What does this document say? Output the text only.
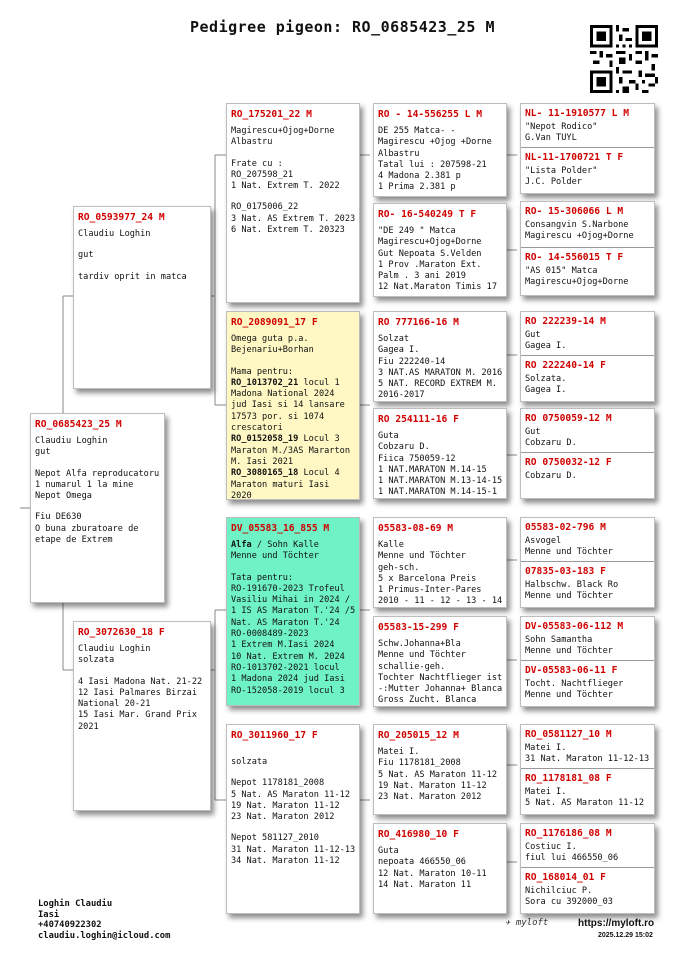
Pedigree pigeon: RO_0685423_25 M
RO_0685423_25 M
Claudiu Loghin
gut
Nepot Alfa reproducatoru
1 numarul 1 la mine
Nepot Omega
Fiu DE630
O buna zburatoare de
etape de Extrem
RO_0593977_24 M
Claudiu Loghin
gut
tardiv oprit in matca
RO_3072630_18 F
Claudiu Loghin
solzata
4 Iasi Madona Nat. 21-22
12 Iasi Palmares Birzai
National 20-21
15 Iasi Mar. Grand Prix
2021
RO_175201_22 M
Magirescu+Ojog+Dorne
Albastru
Frate cu :
RO_207598_21
1 Nat. Extrem T. 2022
RO_0175006_22
3 Nat. AS Extrem T. 2023
6 Nat. Extrem T. 20323
RO_2089091_17 F
Omega guta p.a.
Bejenariu+Borhan
Mama pentru:
RO_1013702_21 locul 1 Madona National 2024 jud Iasi si 14 lansare 17573 por. si 1074 crescatori
RO_0152058_19 Locul 3 Maraton M./3AS Mararton M. Iasi 2021
RO_3080165_18 Locul 4 Maraton maturi Iasi 2020
DV_05583_16_855 M
Alfa / Sohn Kalle
Menne und Töchter
Tata pentru:
RO-191670-2023 Trofeul
Vasiliu Mihai in 2024 /
1 IS AS Maraton T.'24 /5
Nat. AS Maraton T.'24
RO-0008489-2023
1 Extrem M.Iasi 2024
10 Nat. Extrem M. 2024
RO-1013702-2021 locul
1 Madona 2024 jud Iasi
RO-152058-2019 locul 3
RO_3011960_17 F
solzata
Nepot 1178181_2008
5 Nat. AS Maraton 11-12
19 Nat. Maraton 11-12
23 Nat. Maraton 2012
Nepot 581127_2010
31 Nat. Maraton 11-12-13
34 Nat. Maraton 11-12
RO - 14-556255 L M
DE 255 Matca- -
Magirescu +Ojog +Dorne
Albastru
Tatal lui : 207598-21
4 Madona 2.381 p
1 Prima 2.381 p
RO- 16-540249 T F
"DE 249 " Matca
Magirescu+Ojog+Dorne
Gut Nepoata S.Velden
1 Prov .Maraton Ext.
Palm . 3 ani 2019
12 Nat.Maraton Timis 17
RO 777166-16 M
Solzat
Gagea I.
Fiu 222240-14
3 NAT.AS MARATON M. 2016
5 NAT. RECORD EXTREM M.
2016-2017
RO 254111-16 F
Guta
Cobzaru D.
Fiica 750059-12
1 NAT.MARATON M.14-15
1 NAT.MARATON M.13-14-15
1 NAT.MARATON M.14-15-1
05583-08-69 M
Kalle
Menne und Töchter
geh-sch.
5 x Barcelona Preis
1 Primus-Inter-Pares
2010 - 11 - 12 - 13 - 14
05583-15-299 F
Schw.Johanna+Bla
Menne und Töchter
schallie-geh.
Tochter Nachtflieger ist
-:Mutter Johanna+ Blanca
Gross Zucht. Blanca
RO_205015_12 M
Matei I.
Fiu 1178181_2008
5 Nat. AS Maraton 11-12
19 Nat. Maraton 11-12
23 Nat. Maraton 2012
RO_416980_10 F
Guta
nepoata 466550_06
12 Nat. Maraton 10-11
14 Nat. Maraton 11
NL- 11-1910577 L M
"Nepot Rodico"
G.Van TUYL
NL-11-1700721 T F
"Lista Polder"
J.C. Polder
RO- 15-306066 L M
Consangvin S.Narbone
Magirescu +Ojog+Dorne
RO- 14-556015 T F
"AS 015" Matca
Magirescu+Ojog+Dorne
RO 222239-14 M
Gut
Gagea I.
RO 222240-14 F
Solzata.
Gagea I.
RO 0750059-12 M
Gut
Cobzaru D.
RO 0750032-12 F
Cobzaru D.
05583-02-796 M
Asvogel
Menne und Töchter
07835-03-183 F
Halbschw. Black Ro
Menne und Töchter
DV-05583-06-112 M
Sohn Samantha
Menne und Töchter
DV-05583-06-11 F
Tocht. Nachtflieger
Menne und Töchter
RO_0581127_10 M
Matei I.
31 Nat. Maraton 11-12-13
RO_1178181_08 F
Matei I.
5 Nat. AS Maraton 11-12
RO_1176186_08 M
Costiuc I.
fiul lui 466550_06
RO_168014_01 F
Nichilciuc P.
Sora cu 392000_03
Loghin Claudiu
Iasi
+40740922302
claudiu.loghin@icloud.com
✈︎ myloft	https://myloft.ro
2025.12.29 15:02
